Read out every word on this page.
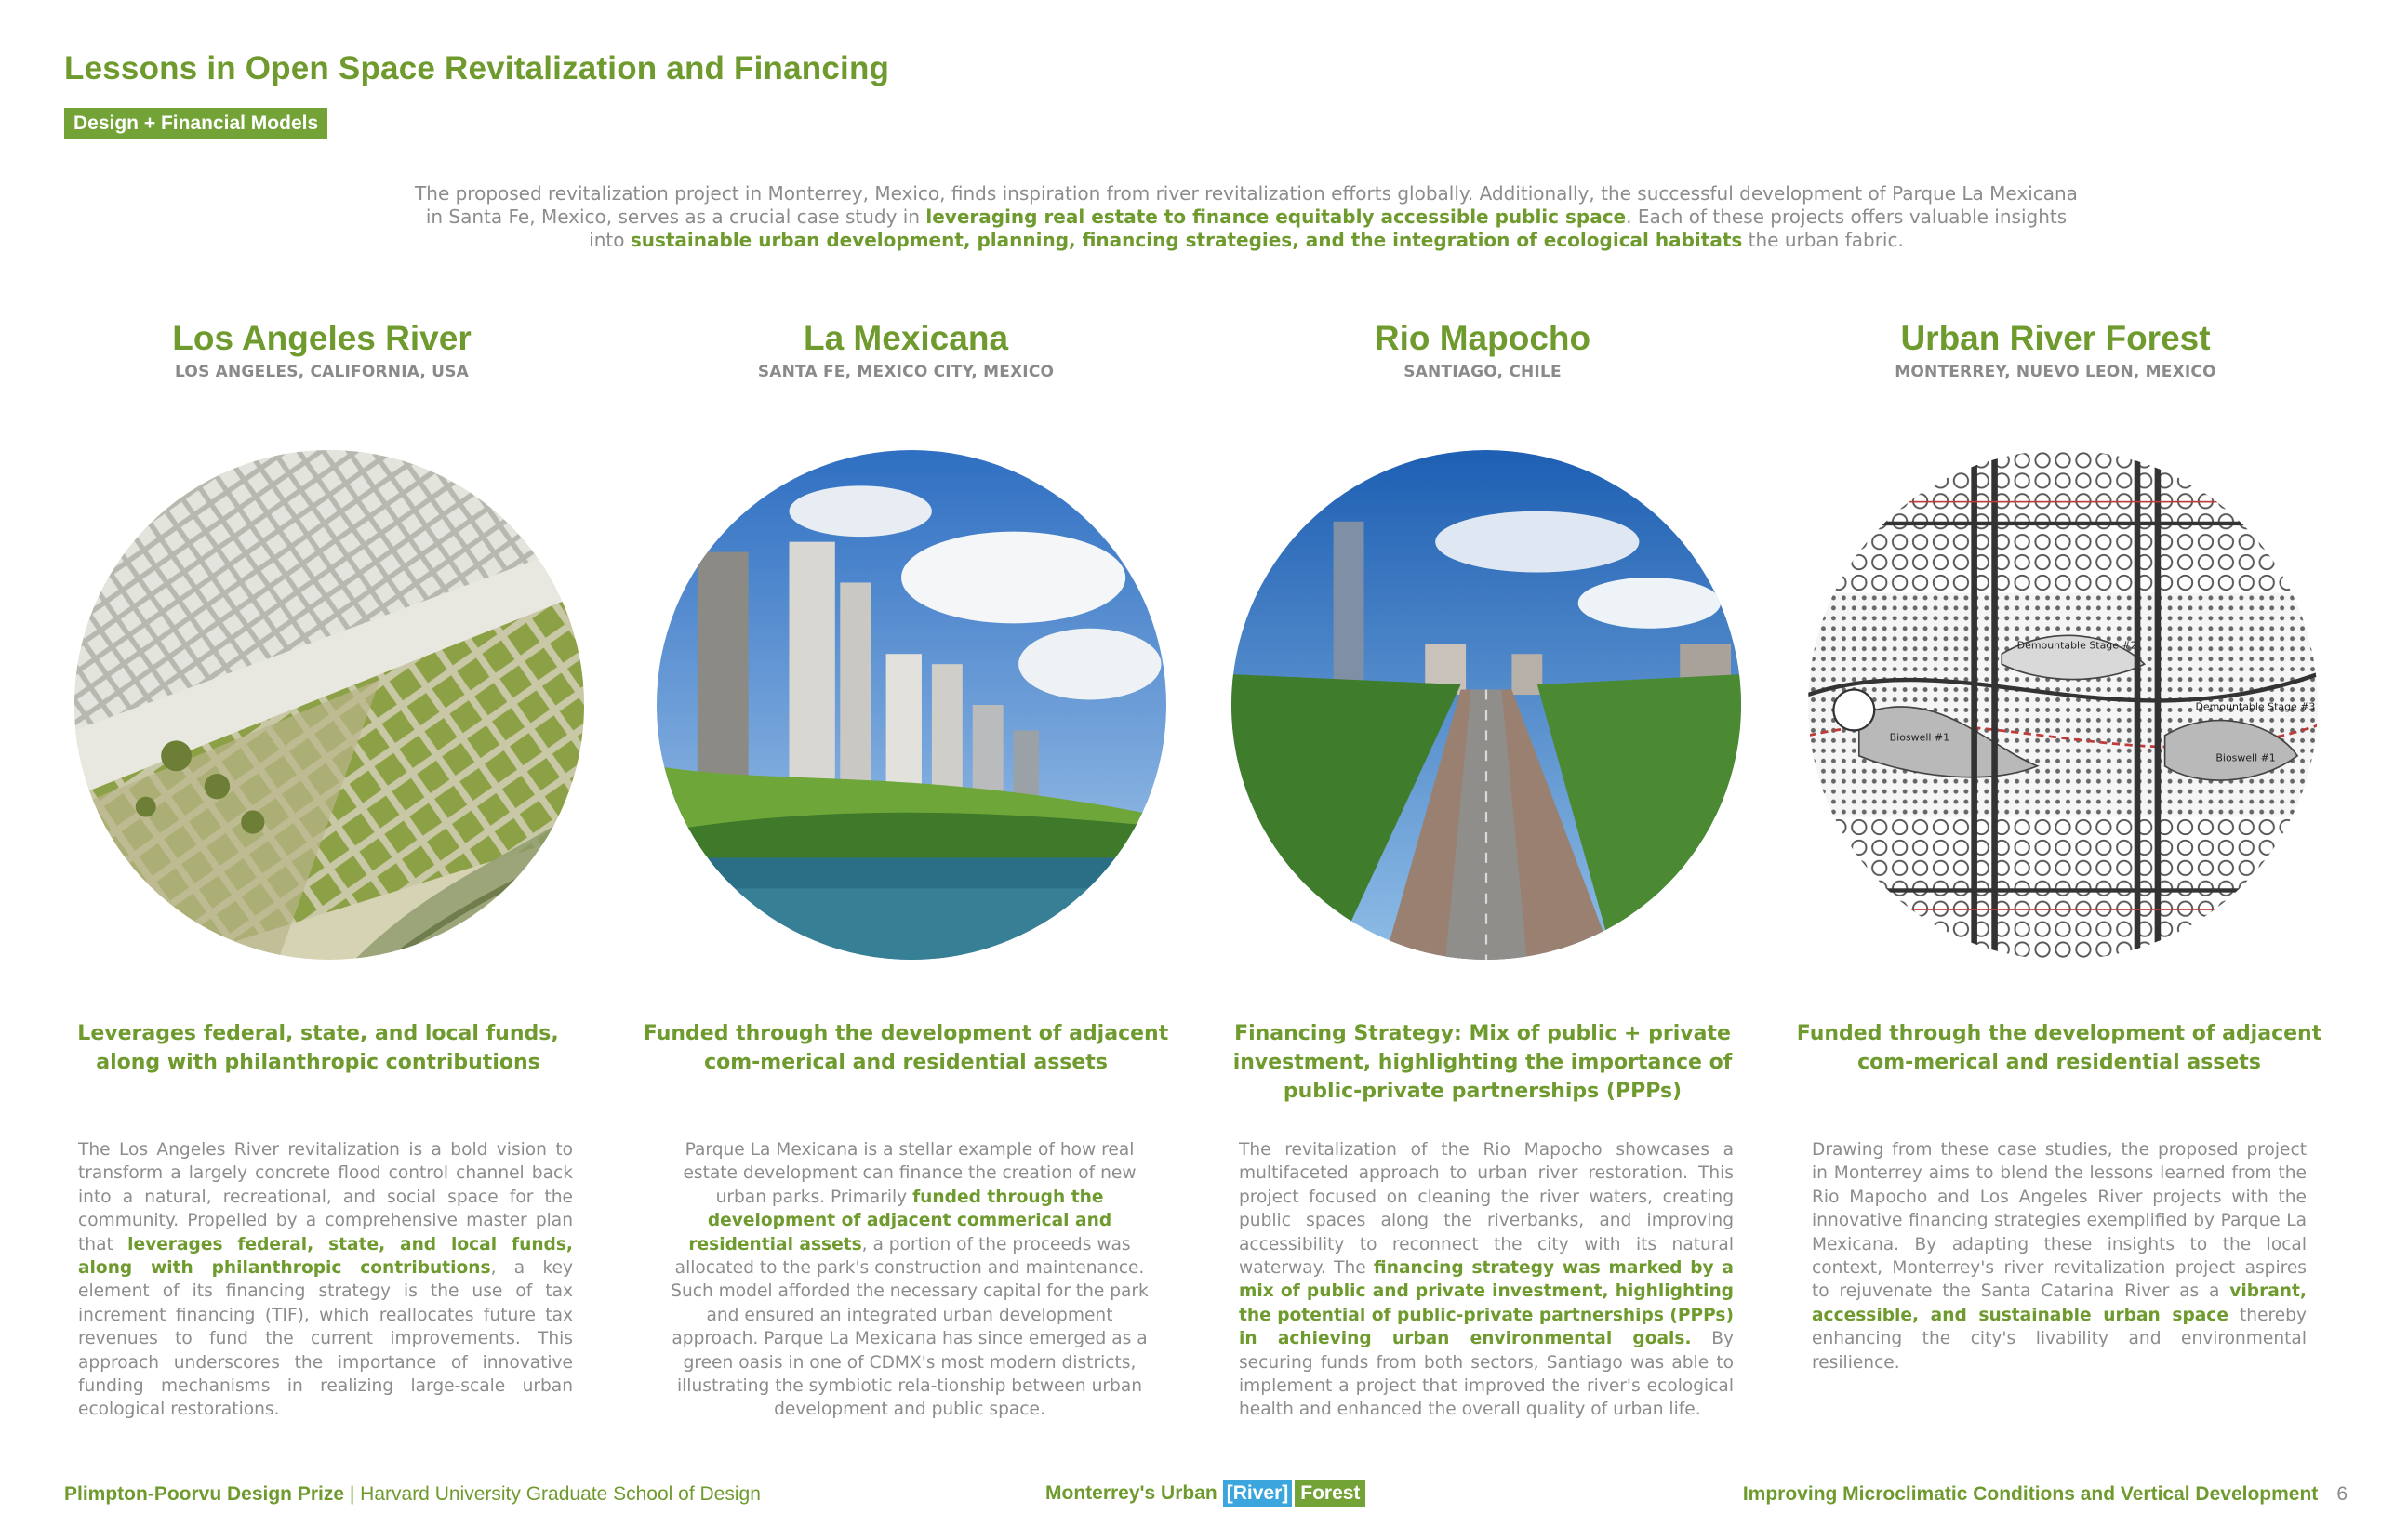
Lessons in Open Space Revitalization and Financing
Design + Financial Models

The proposed revitalization project in Monterrey, Mexico, finds inspiration from river revitalization efforts globally. Additionally, the successful development of Parque La Mexicana in Santa Fe, Mexico, serves as a crucial case study in leveraging real estate to finance equitably accessible public space. Each of these projects offers valuable insights into sustainable urban development, planning, financing strategies, and the integration of ecological habitats the urban fabric.

Los Angeles River
LOS ANGELES, CALIFORNIA, USA
Leverages federal, state, and local funds, along with philanthropic contributions

The Los Angeles River revitalization is a bold vision to transform a largely concrete flood control channel back into a natural, recreational, and social space for the community. Propelled by a comprehensive master plan that leverages federal, state, and local funds, along with philanthropic contributions, a key element of its financing strategy is the use of tax increment financing (TIF), which reallocates future tax revenues to fund the current improvements. This approach underscores the importance of innovative funding mechanisms in realizing large-scale urban ecological restorations.

La Mexicana
SANTA FE, MEXICO CITY, MEXICO
Funded through the development of adjacent com-merical and residential assets

Parque La Mexicana is a stellar example of how real estate development can finance the creation of new urban parks. Primarily funded through the development of adjacent commerical and residential assets, a portion of the proceeds was allocated to the park's construction and maintenance. Such model afforded the necessary capital for the park and ensured an integrated urban development approach. Parque La Mexicana has since emerged as a green oasis in one of CDMX's most modern districts, illustrating the symbiotic rela-tionship between urban development and public space.

Rio Mapocho
SANTIAGO, CHILE
Financing Strategy: Mix of public + private investment, highlighting the importance of public-private partnerships (PPPs)

The revitalization of the Rio Mapocho showcases a multifaceted approach to urban river restoration. This project focused on cleaning the river waters, creating public spaces along the riverbanks, and improving accessibility to reconnect the city with its natural waterway. The financing strategy was marked by a mix of public and private investment, highlighting the potential of public-private partnerships (PPPs) in achieving urban environmental goals. By securing funds from both sectors, Santiago was able to implement a project that improved the river's ecological health and enhanced the overall quality of urban life.

Urban River Forest
MONTERREY, NUEVO LEON, MEXICO
Demountable Stage #2
Demountable Stage #3
Bioswell #1
Bioswell #1
Funded through the development of adjacent com-merical and residential assets

Drawing from these case studies, the proposed project in Monterrey aims to blend the lessons learned from the Rio Mapocho and Los Angeles River projects with the innovative financing strategies exemplified by Parque La Mexicana. By adapting these insights to the local context, Monterrey's river revitalization project aspires to rejuvenate the Santa Catarina River as a vibrant, accessible, and sustainable urban space thereby enhancing the city's livability and environmental resilience.

Plimpton-Poorvu Design Prize | Harvard University Graduate School of Design	Monterrey's Urban [River] Forest	Improving Microclimatic Conditions and Vertical Development 6
